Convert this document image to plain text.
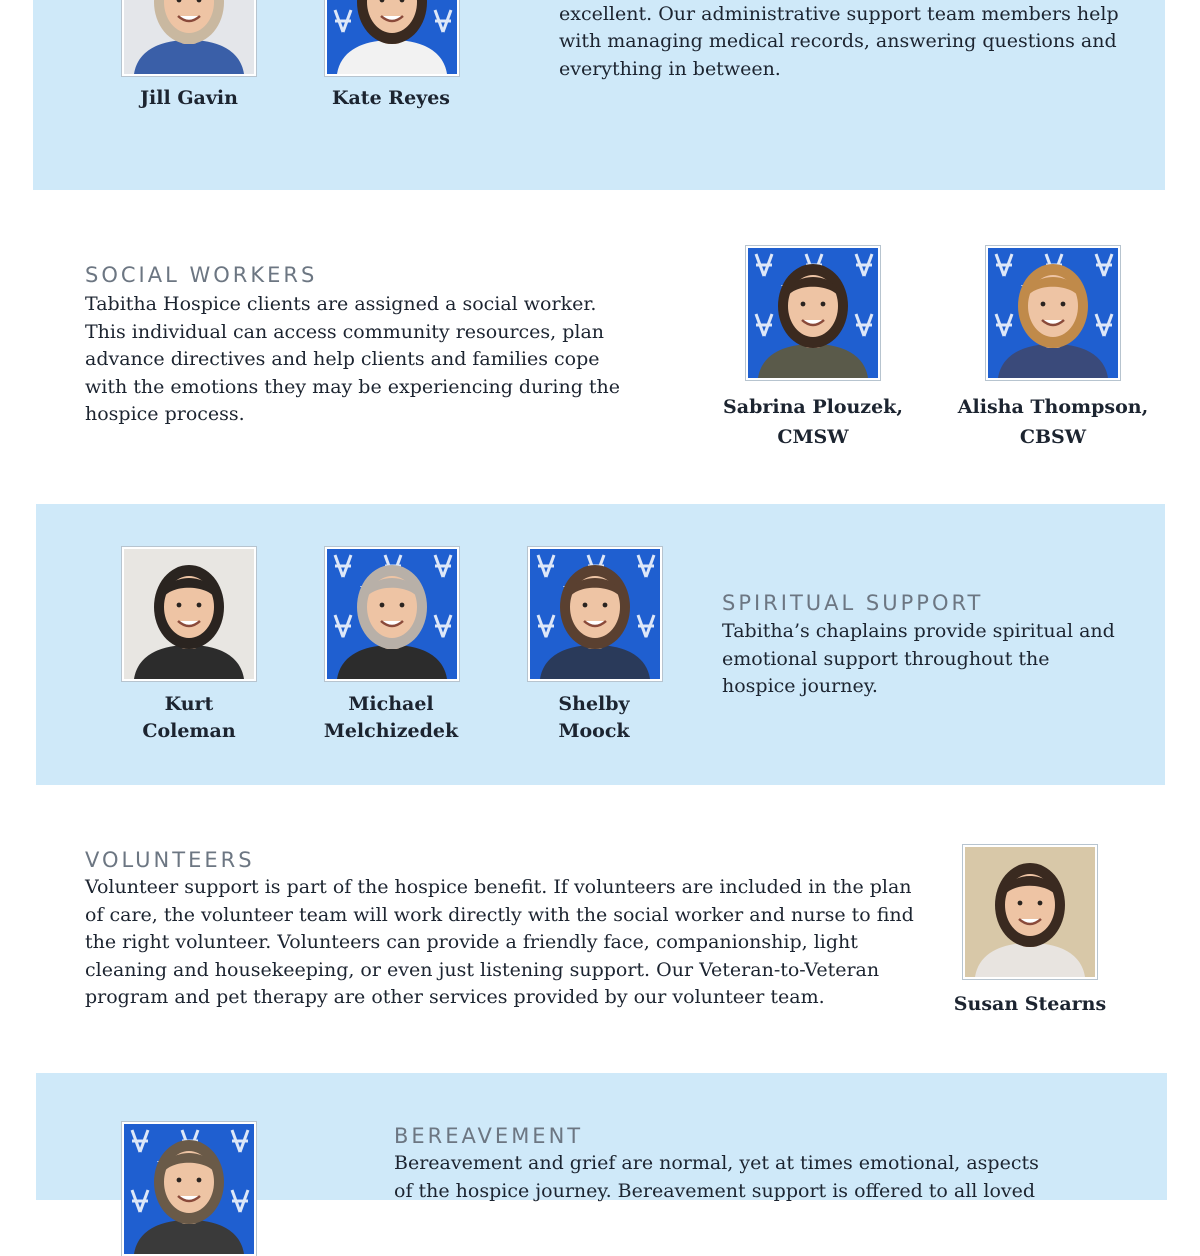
Jill Gavin	Kate Reyes

excellent. Our administrative support team members help with managing medical records, answering questions and everything in between.

SOCIAL WORKERS

Tabitha Hospice clients are assigned a social worker. This individual can access community resources, plan advance directives and help clients and families cope with the emotions they may be experiencing during the hospice process.	Sabrina Plouzek,
CMSW
Alisha Thompson,
CBSW
Kurt
Coleman
Michael
Melchizedek
Shelby
Moock
SPIRITUAL SUPPORT

Tabitha’s chaplains provide spiritual and emotional support throughout the hospice journey.

VOLUNTEERS

Volunteer support is part of the hospice benefit. If volunteers are included in the plan of care, the volunteer team will work directly with the social worker and nurse to find the right volunteer. Volunteers can provide a friendly face, companionship, light cleaning and housekeeping, or even just listening support. Our Veteran-to-Veteran program and pet therapy are other services provided by our volunteer team.	Susan Stearns
BEREAVEMENT

Bereavement and grief are normal, yet at times emotional, aspects of the hospice journey. Bereavement support is offered to all loved
